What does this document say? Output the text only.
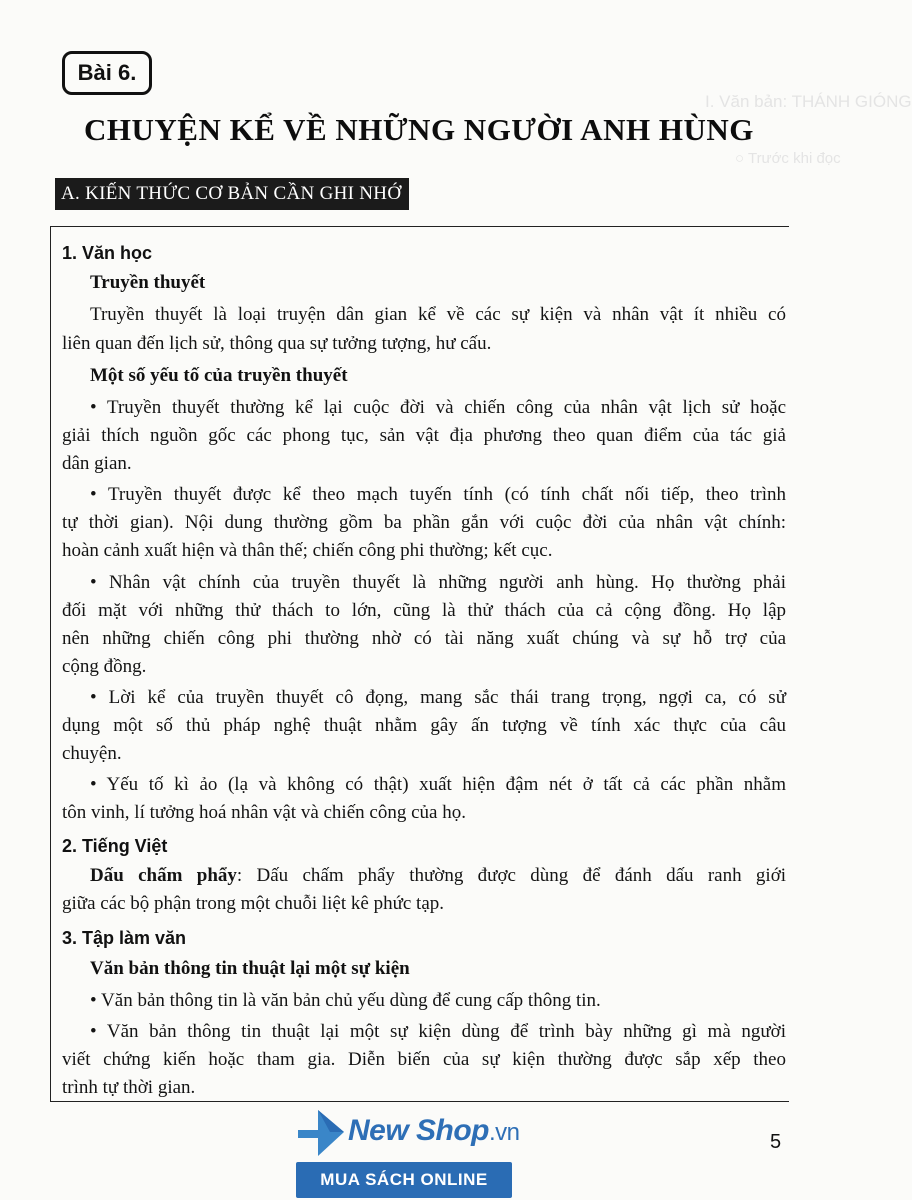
I. Văn bản: THÁNH GIÓNG
○ Trước khi đọc
Bài 6.
CHUYỆN KỂ VỀ NHỮNG NGƯỜI ANH HÙNG
A. KIẾN THỨC CƠ BẢN CẦN GHI NHỚ
1. Văn học
Truyền thuyết
Truyền thuyết là loại truyện dân gian kể về các sự kiện và nhân vật ít nhiều có
liên quan đến lịch sử, thông qua sự tưởng tượng, hư cấu.
Một số yếu tố của truyền thuyết
• Truyền thuyết thường kể lại cuộc đời và chiến công của nhân vật lịch sử hoặc
giải thích nguồn gốc các phong tục, sản vật địa phương theo quan điểm của tác giả
dân gian.
• Truyền thuyết được kể theo mạch tuyến tính (có tính chất nối tiếp, theo trình
tự thời gian). Nội dung thường gồm ba phần gắn với cuộc đời của nhân vật chính:
hoàn cảnh xuất hiện và thân thế; chiến công phi thường; kết cục.
• Nhân vật chính của truyền thuyết là những người anh hùng. Họ thường phải
đối mặt với những thử thách to lớn, cũng là thử thách của cả cộng đồng. Họ lập
nên những chiến công phi thường nhờ có tài năng xuất chúng và sự hỗ trợ của
cộng đồng.
• Lời kể của truyền thuyết cô đọng, mang sắc thái trang trọng, ngợi ca, có sử
dụng một số thủ pháp nghệ thuật nhằm gây ấn tượng về tính xác thực của câu
chuyện.
• Yếu tố kì ảo (lạ và không có thật) xuất hiện đậm nét ở tất cả các phần nhằm
tôn vinh, lí tưởng hoá nhân vật và chiến công của họ.
2. Tiếng Việt
Dấu chấm phẩy: Dấu chấm phẩy thường được dùng để đánh dấu ranh giới
giữa các bộ phận trong một chuỗi liệt kê phức tạp.
3. Tập làm văn
Văn bản thông tin thuật lại một sự kiện
• Văn bản thông tin là văn bản chủ yếu dùng để cung cấp thông tin.
• Văn bản thông tin thuật lại một sự kiện dùng để trình bày những gì mà người
viết chứng kiến hoặc tham gia. Diễn biến của sự kiện thường được sắp xếp theo
trình tự thời gian.
New Shop.vn
MUA SÁCH ONLINE
5
